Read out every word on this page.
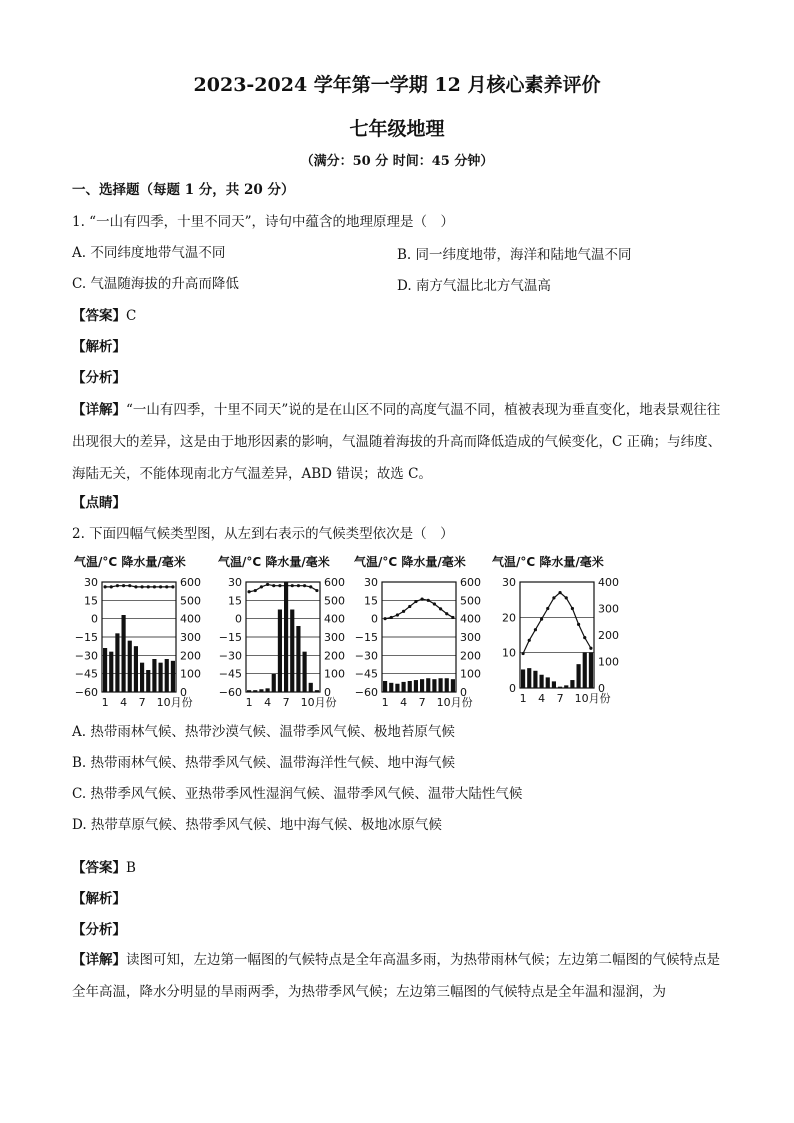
2023-2024 学年第一学期 12 月核心素养评价
七年级地理
（满分：50 分 时间：45 分钟）
一、选择题（每题 1 分，共 20 分）
1. “一山有四季，十里不同天”，诗句中蕴含的地理原理是（　）
A. 不同纬度地带气温不同	B. 同一纬度地带，海洋和陆地气温不同
C. 气温随海拔的升高而降低	D. 南方气温比北方气温高
【答案】C
【解析】
【分析】
【详解】“一山有四季，十里不同天”说的是在山区不同的高度气温不同，植被表现为垂直变化，地表景观往往出现很大的差异，这是由于地形因素的影响，气温随着海拔的升高而降低造成的气候变化，C 正确；与纬度、海陆无关，不能体现南北方气温差异，ABD 错误；故选 C。
【点睛】
2. 下面四幅气候类型图，从左到右表示的气候类型依次是（　）
气温/°C 降水量/毫米
30
15
0
−15
−30
−45
−60
600
500
400
300
200
100
0
1 4 7 10月份
气温/°C 降水量/毫米
30
15
0
−15
−30
−45
−60
600
500
400
300
200
100
0
1 4 7 10月份
气温/°C 降水量/毫米
30
15
0
−15
−30
−45
−60
600
500
400
300
200
100
0
1 4 7 10月份
气温/°C 降水量/毫米
30
20
10
0
400
300
200
100
0
1 4 7 10月份
A. 热带雨林气候、热带沙漠气候、温带季风气候、极地苔原气候
B. 热带雨林气候、热带季风气候、温带海洋性气候、地中海气候
C. 热带季风气候、亚热带季风性湿润气候、温带季风气候、温带大陆性气候
D. 热带草原气候、热带季风气候、地中海气候、极地冰原气候
【答案】B
【解析】
【分析】
【详解】读图可知，左边第一幅图的气候特点是全年高温多雨，为热带雨林气候；左边第二幅图的气候特点是全年高温，降水分明显的旱雨两季，为热带季风气候；左边第三幅图的气候特点是全年温和湿润，为
